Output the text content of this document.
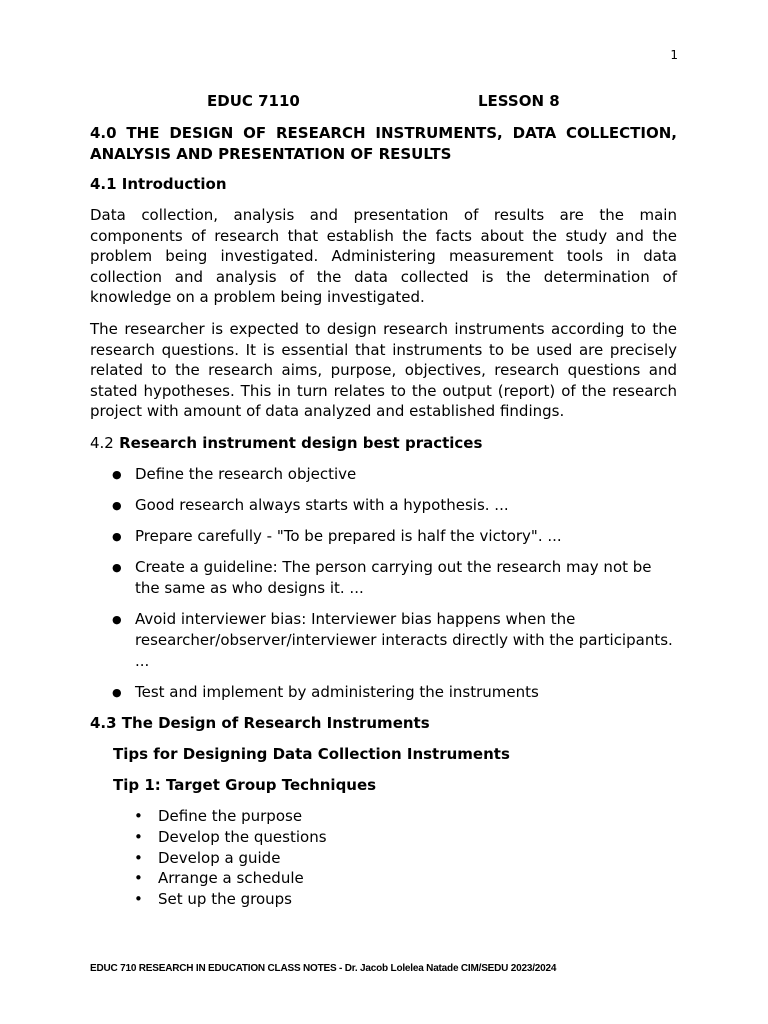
1
EDUC 7110	LESSON 8
4.0 THE DESIGN OF RESEARCH INSTRUMENTS, DATA COLLECTION, ANALYSIS AND PRESENTATION OF RESULTS
4.1 Introduction

Data collection, analysis and presentation of results are the main components of research that establish the facts about the study and the problem being investigated. Administering measurement tools in data collection and analysis of the data collected is the determination of knowledge on a problem being investigated.

The researcher is expected to design research instruments according to the research questions. It is essential that instruments to be used are precisely related to the research aims, purpose, objectives, research questions and stated hypotheses. This in turn relates to the output (report) of the research project with amount of data analyzed and established findings.

4.2 Research instrument design best practices
● Define the research objective
● Good research always starts with a hypothesis. ...
● Prepare carefully - "To be prepared is half the victory". ...
● Create a guideline: The person carrying out the research may not be the same as who designs it. ...
● Avoid interviewer bias: Interviewer bias happens when the researcher/observer/interviewer interacts directly with the participants. ...
● Test and implement by administering the instruments
4.3 The Design of Research Instruments
Tips for Designing Data Collection Instruments
Tip 1: Target Group Techniques
• Define the purpose
• Develop the questions
• Develop a guide
• Arrange a schedule
• Set up the groups
EDUC 710 RESEARCH IN EDUCATION CLASS NOTES - Dr. Jacob Lolelea Natade CIM/SEDU 2023/2024
